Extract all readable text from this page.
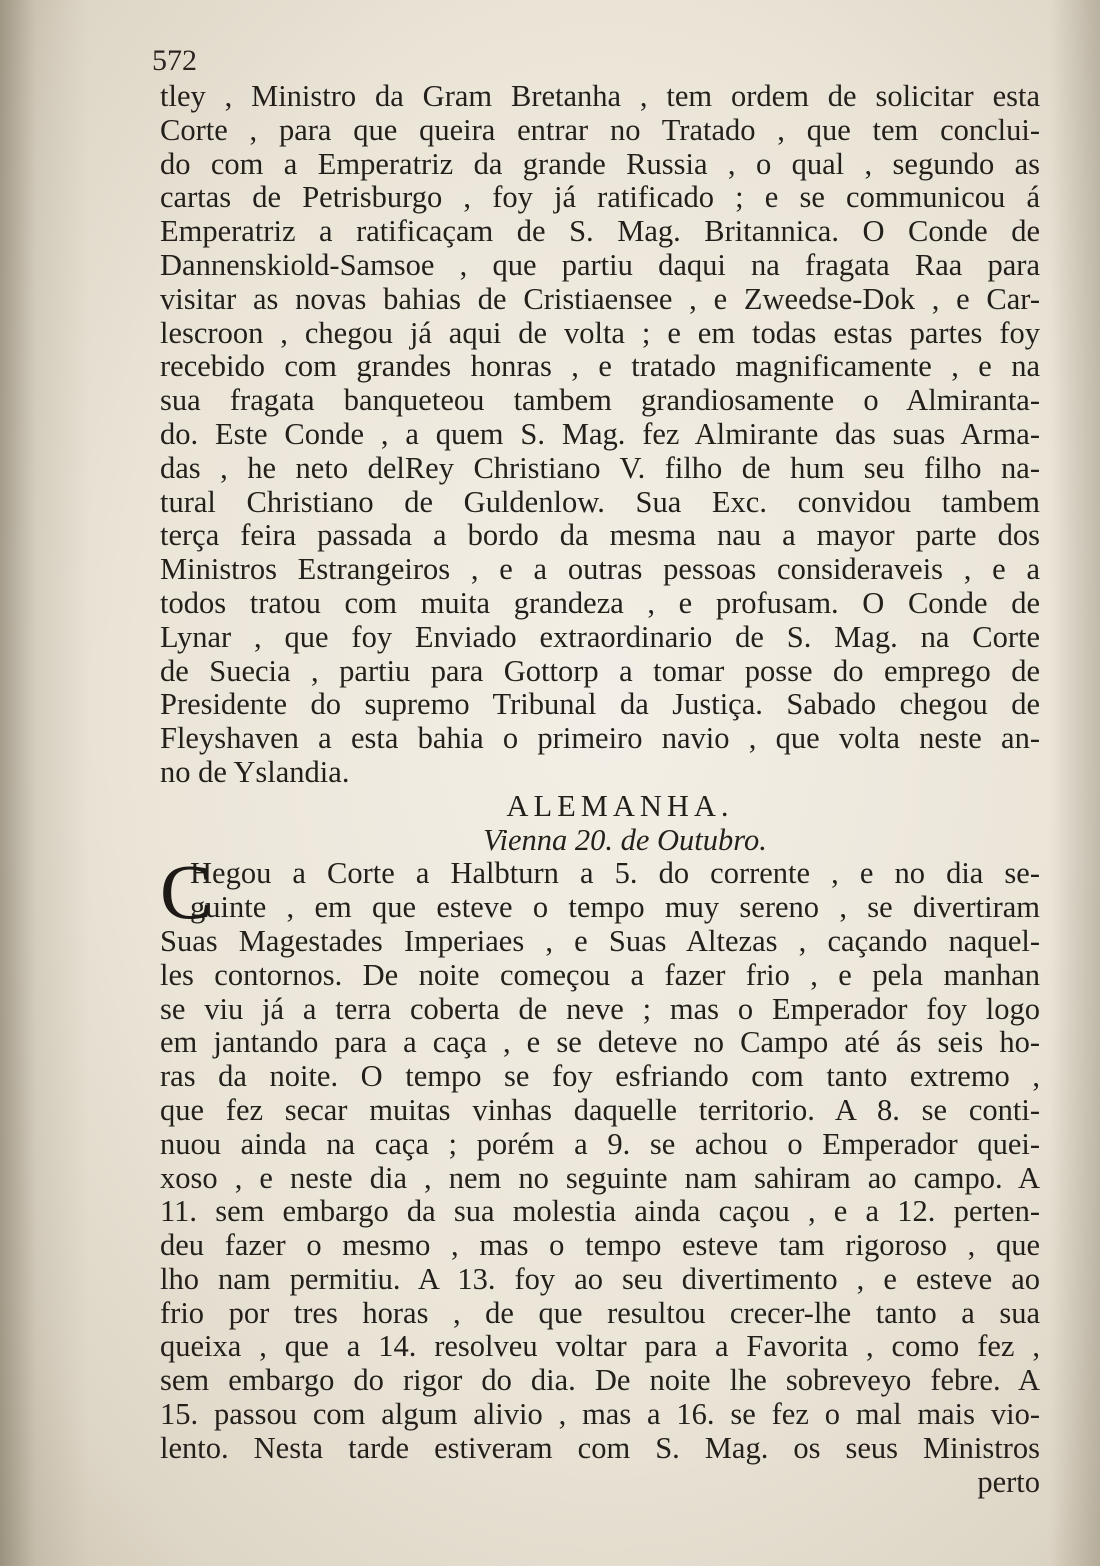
572
tley , Ministro da Gram Bretanha , tem ordem de solicitar esta
Corte , para que queira entrar no Tratado , que tem conclui-
do com a Emperatriz da grande Russia , o qual , segundo as
cartas de Petrisburgo , foy já ratificado ; e se communicou á
Emperatriz a ratificaçam de S. Mag. Britannica. O Conde de
Dannenskiold-Samsoe , que partiu daqui na fragata Raa para
visitar as novas bahias de Cristiaensee , e Zweedse-Dok , e Car-
lescroon , chegou já aqui de volta ; e em todas estas partes foy
recebido com grandes honras , e tratado magnificamente , e na
sua fragata banqueteou tambem grandiosamente o Almiranta-
do. Este Conde , a quem S. Mag. fez Almirante das suas Arma-
das , he neto delRey Christiano V. filho de hum seu filho na-
tural Christiano de Guldenlow. Sua Exc. convidou tambem
terça feira passada a bordo da mesma nau a mayor parte dos
Ministros Estrangeiros , e a outras pessoas consideraveis , e a
todos tratou com muita grandeza , e profusam. O Conde de
Lynar , que foy Enviado extraordinario de S. Mag. na Corte
de Suecia , partiu para Gottorp a tomar posse do emprego de
Presidente do supremo Tribunal da Justiça. Sabado chegou de
Fleyshaven a esta bahia o primeiro navio , que volta neste an-
no de Yslandia.
ALEMANHA.
Vienna 20. de Outubro.
C
Hegou a Corte a Halbturn a 5. do corrente , e no dia se-
guinte , em que esteve o tempo muy sereno , se divertiram
Suas Magestades Imperiaes , e Suas Altezas , caçando naquel-
les contornos. De noite começou a fazer frio , e pela manhan
se viu já a terra coberta de neve ; mas o Emperador foy logo
em jantando para a caça , e se deteve no Campo até ás seis ho-
ras da noite. O tempo se foy esfriando com tanto extremo ,
que fez secar muitas vinhas daquelle territorio. A 8. se conti-
nuou ainda na caça ; porém a 9. se achou o Emperador quei-
xoso , e neste dia , nem no seguinte nam sahiram ao campo. A
11. sem embargo da sua molestia ainda caçou , e a 12. perten-
deu fazer o mesmo , mas o tempo esteve tam rigoroso , que
lho nam permitiu. A 13. foy ao seu divertimento , e esteve ao
frio por tres horas , de que resultou crecer-lhe tanto a sua
queixa , que a 14. resolveu voltar para a Favorita , como fez ,
sem embargo do rigor do dia. De noite lhe sobreveyo febre. A
15. passou com algum alivio , mas a 16. se fez o mal mais vio-
lento. Nesta tarde estiveram com S. Mag. os seus Ministros
perto
